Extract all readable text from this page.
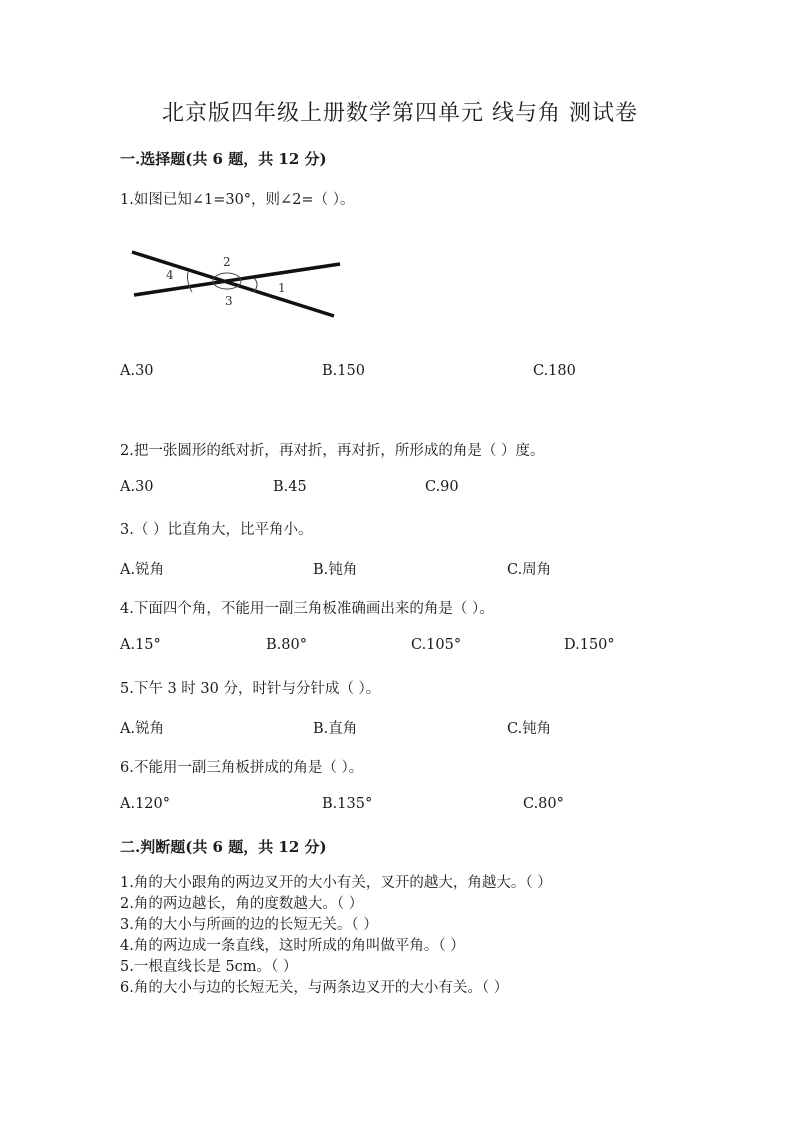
北京版四年级上册数学第四单元 线与角 测试卷
一.选择题(共 6 题，共 12 分)
1.如图已知∠1=30°，则∠2=（ ）。
2
3
4
1
A.30	B.150	C.180
2.把一张圆形的纸对折，再对折，再对折，所形成的角是（ ）度。
A.30	B.45	C.90
3.（ ）比直角大，比平角小。
A.锐角	B.钝角	C.周角
4.下面四个角，不能用一副三角板准确画出来的角是（ ）。
A.15°	B.80°	C.105°	D.150°
5.下午 3 时 30 分，时针与分针成（ ）。
A.锐角	B.直角	C.钝角
6.不能用一副三角板拼成的角是（ ）。
A.120°	B.135°	C.80°
二.判断题(共 6 题，共 12 分)
1.角的大小跟角的两边叉开的大小有关，叉开的越大，角越大。（ ）
2.角的两边越长，角的度数越大。（ ）
3.角的大小与所画的边的长短无关。（ ）
4.角的两边成一条直线，这时所成的角叫做平角。（ ）
5.一根直线长是 5cm。（ ）
6.角的大小与边的长短无关，与两条边叉开的大小有关。（ ）
